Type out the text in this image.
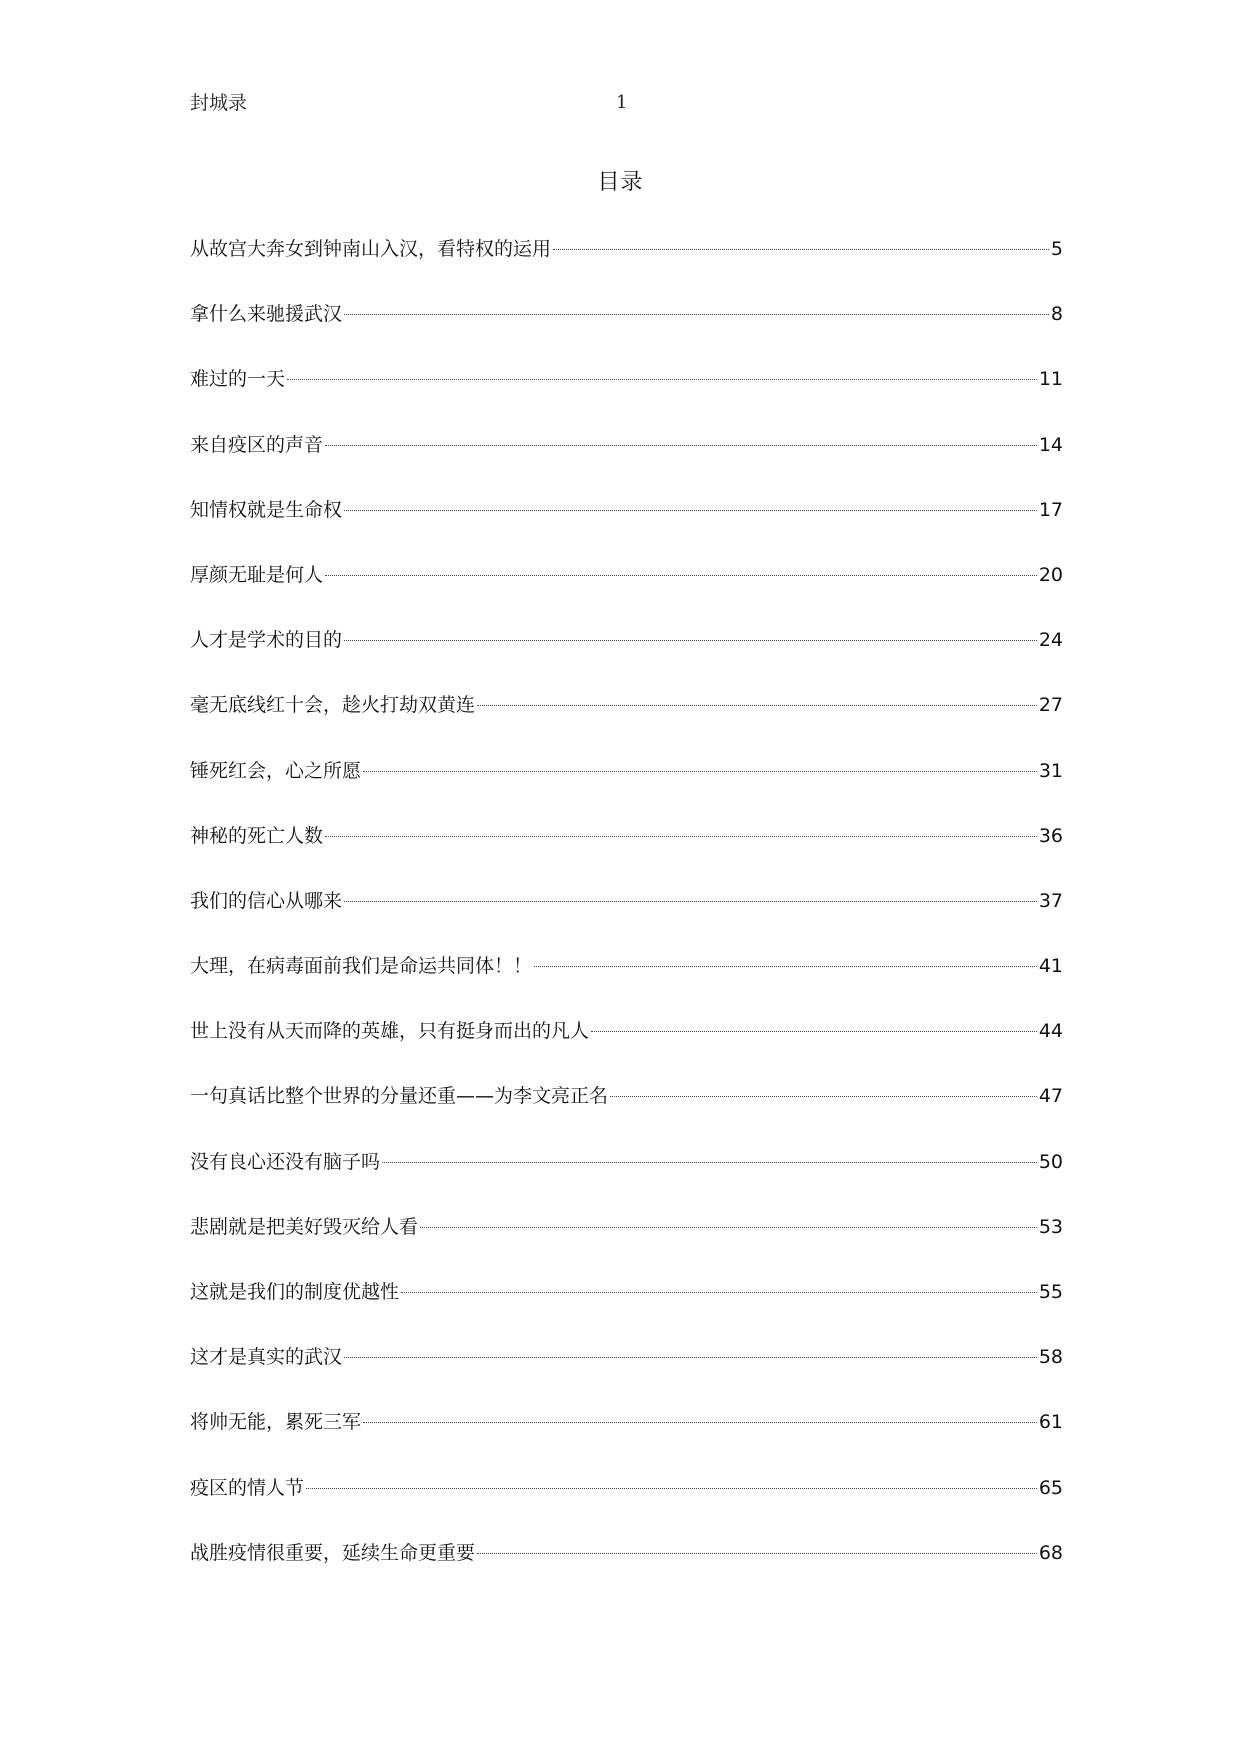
封城录	1
目录
从故宫大奔女到钟南山入汉，看特权的运用	5
拿什么来驰援武汉	8
难过的一天	11
来自疫区的声音	14
知情权就是生命权	17
厚颜无耻是何人	20
人才是学术的目的	24
毫无底线红十会，趁火打劫双黄连	27
锤死红会，心之所愿	31
神秘的死亡人数	36
我们的信心从哪来	37
大理，在病毒面前我们是命运共同体！！	41
世上没有从天而降的英雄，只有挺身而出的凡人	44
一句真话比整个世界的分量还重——为李文亮正名	47
没有良心还没有脑子吗	50
悲剧就是把美好毁灭给人看	53
这就是我们的制度优越性	55
这才是真实的武汉	58
将帅无能，累死三军	61
疫区的情人节	65
战胜疫情很重要，延续生命更重要	68
